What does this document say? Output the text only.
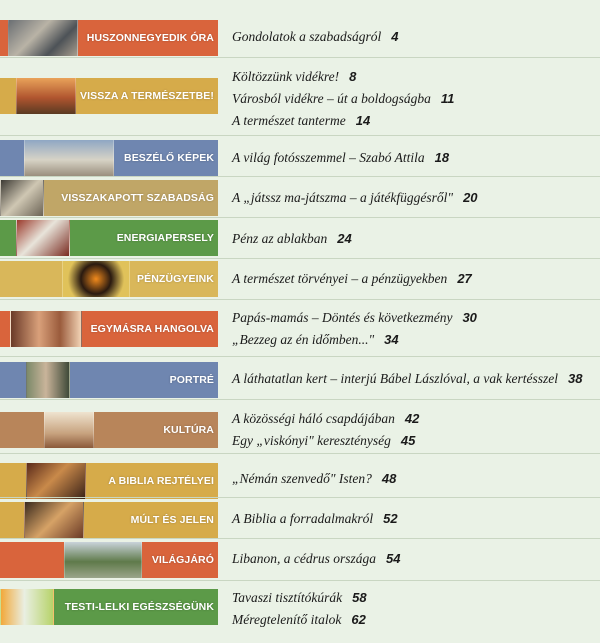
HUSZONNEGYEDIK ÓRA Gondolatok a szabadságról 4
VISSZA A TERMÉSZETBE!
Költözzünk vidékre! 8
Városból vidékre – út a boldogságba 11
A természet tanterme 14
BESZÉLŐ KÉPEK A világ fotósszemmel – Szabó Attila 18
VISSZAKAPOTT SZABADSÁG A „játssz ma-játszma – a játékfüggésről" 20
ENERGIAPERSELY Pénz az ablakban 24
PÉNZÜGYEINK A természet törvényei – a pénzügyekben 27
EGYMÁSRA HANGOLVA
Papás-mamás – Döntés és következmény 30
„Bezzeg az én időmben..." 34
PORTRÉ A láthatatlan kert – interjú Bábel Lászlóval, a vak kertésszel 38
KULTÚRA
A közösségi háló csapdájában 42
Egy „viskónyi" kereszténység 45
A BIBLIA REJTÉLYEI „Némán szenvedő" Isten? 48
MÚLT ÉS JELEN A Biblia a forradalmakról 52
VILÁGJÁRÓ Libanon, a cédrus országa 54
TESTI-LELKI EGÉSZSÉGÜNK
Tavaszi tisztítókúrák 58
Méregtelenítő italok 62
